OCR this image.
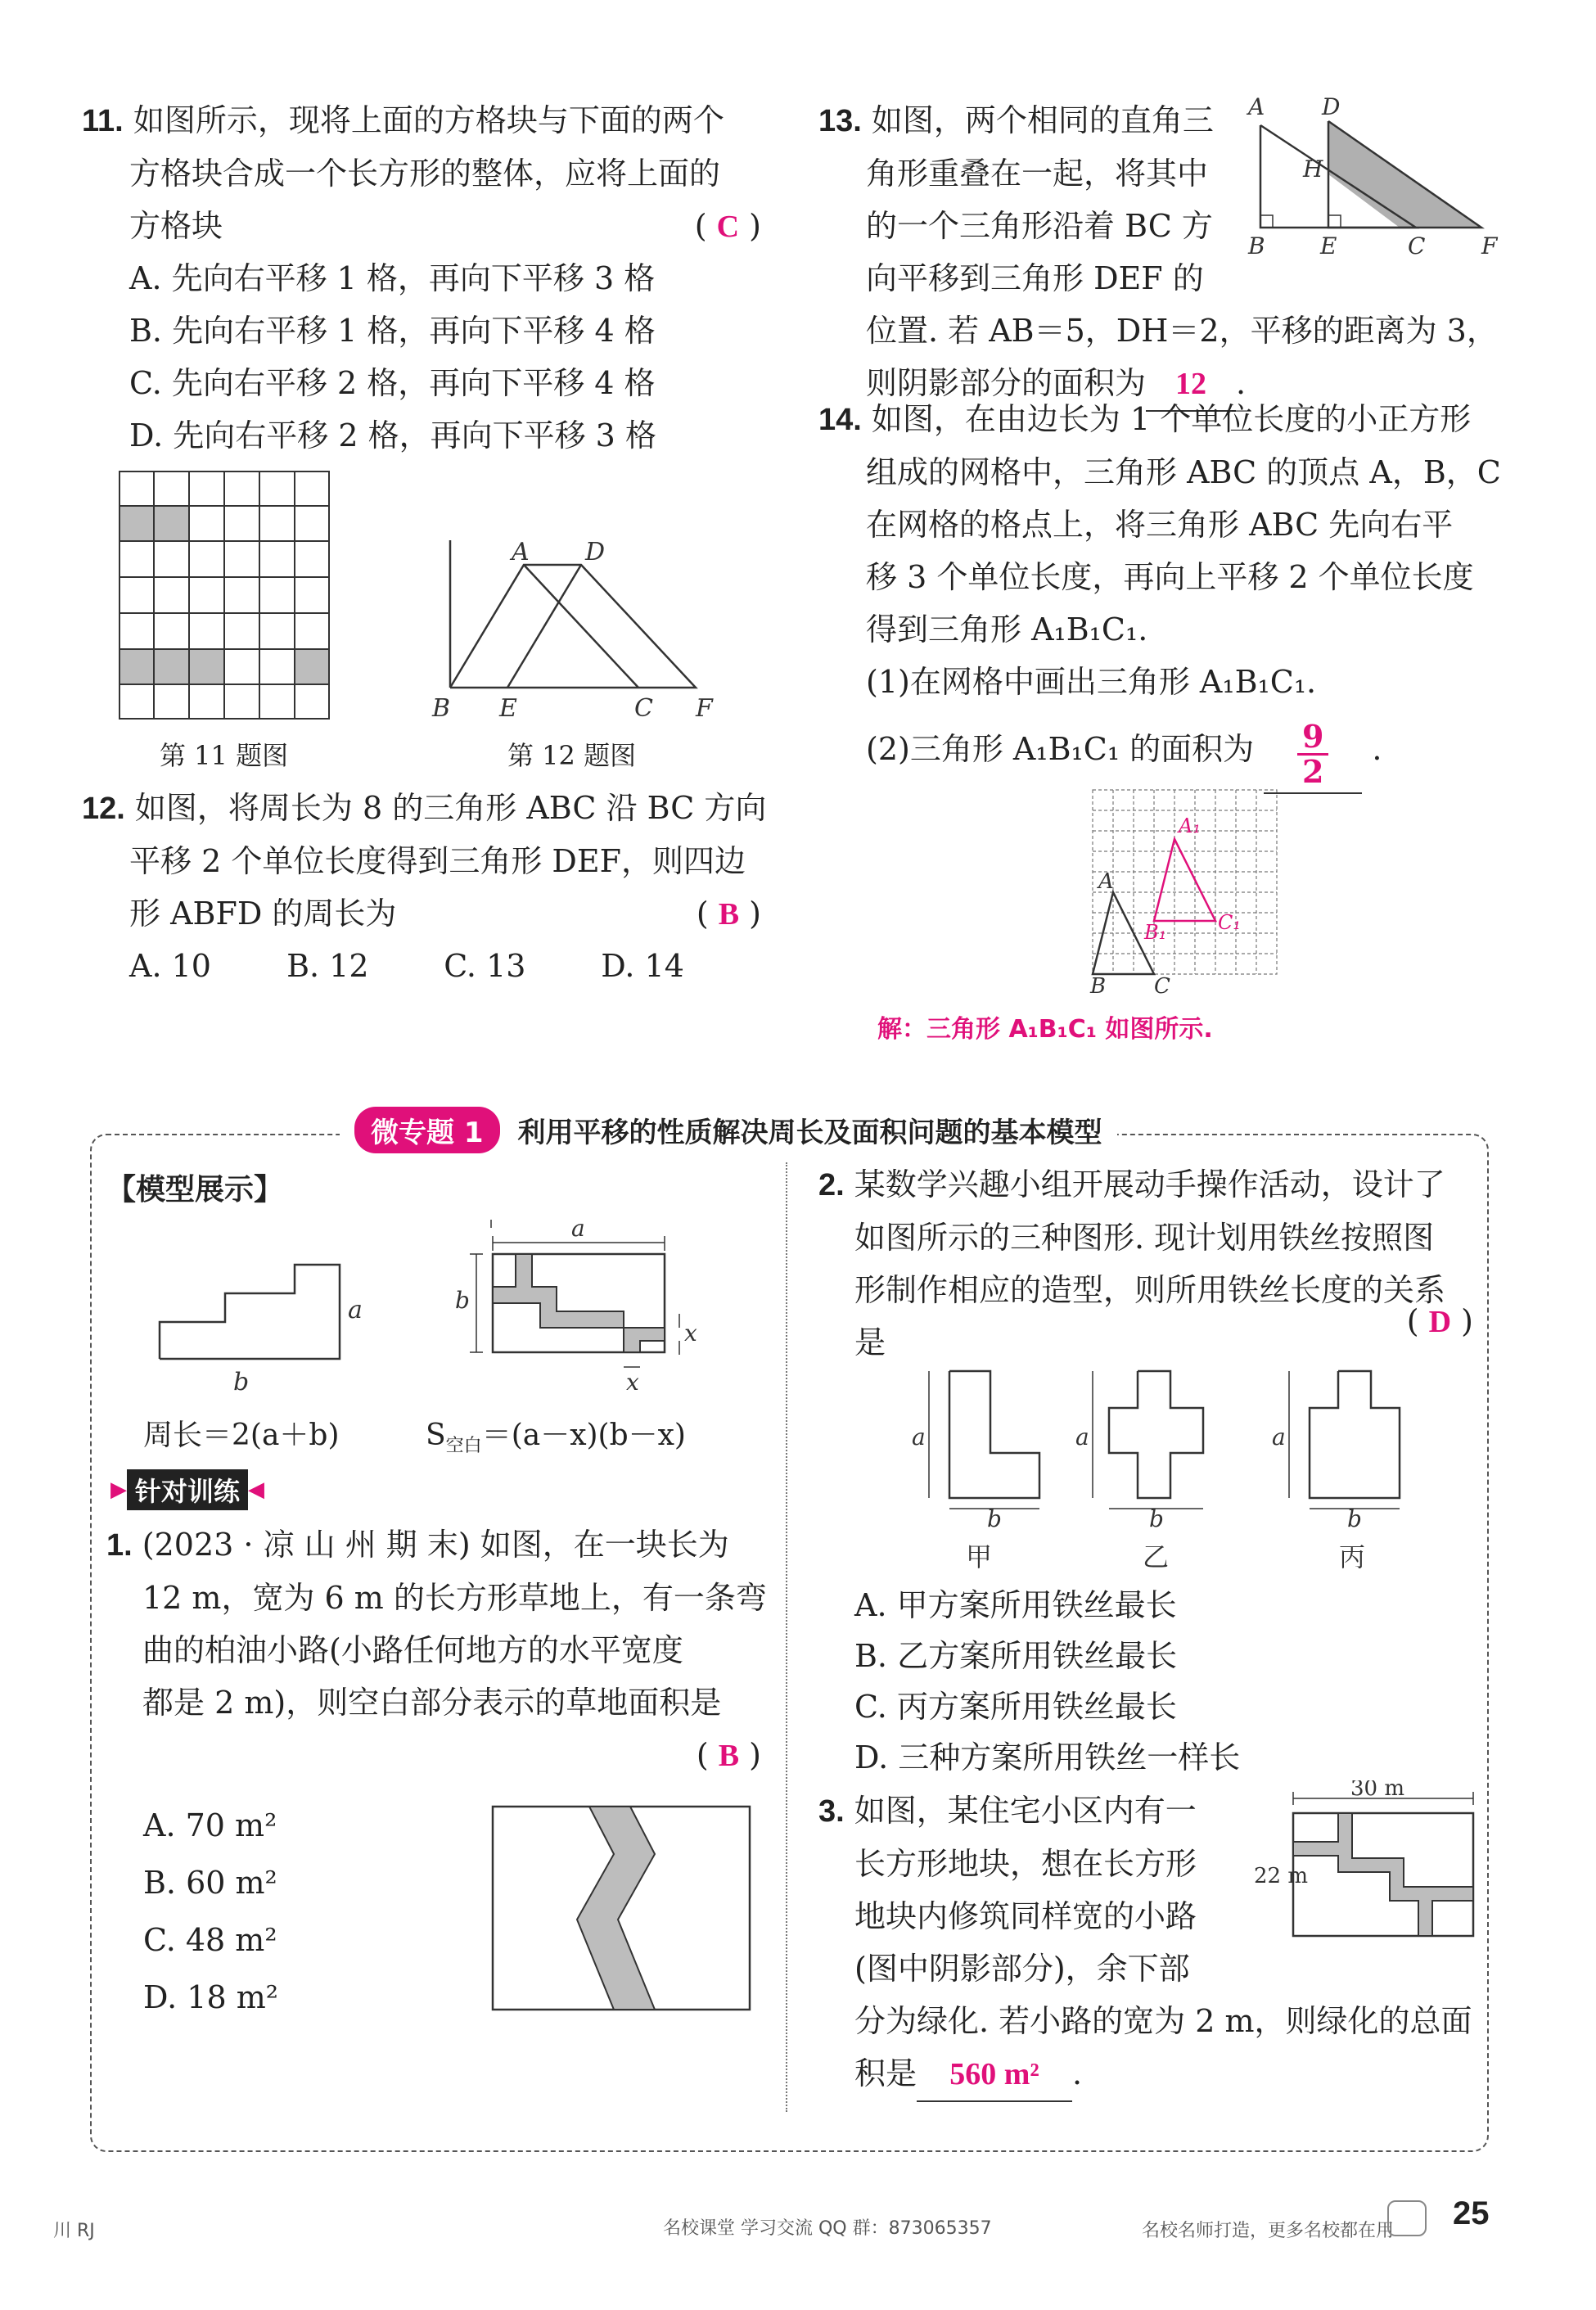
11. 如图所示，现将上面的方格块与下面的两个
方格块合成一个长方形的整体，应将上面的
方格块	( C )
A. 先向右平移 1 格，再向下平移 3 格
B. 先向右平移 1 格，再向下平移 4 格
C. 先向右平移 2 格，再向下平移 4 格
D. 先向右平移 2 格，再向下平移 3 格
第 11 题图
A D
B E	C F
第 12 题图
12. 如图，将周长为 8 的三角形 ABC 沿 BC 方向
平移 2 个单位长度得到三角形 DEF，则四边
形 ABFD 的周长为	( B )
A. 10 B. 12 C. 13 D. 14
13. 如图，两个相同的直角三
角形重叠在一起，将其中
的一个三角形沿着 BC 方
向平移到三角形 DEF 的
位置. 若 AB＝5，DH＝2，平移的距离为 3，
则阴影部分的面积为 12 .
A D
H
B E	C F
14. 如图，在由边长为 1 个单位长度的小正方形
组成的网格中，三角形 ABC 的顶点 A，B，C
在网格的格点上，将三角形 ABC 先向右平
移 3 个单位长度，再向上平移 2 个单位长度
得到三角形 A₁B₁C₁.
(1)在网格中画出三角形 A₁B₁C₁.
(2)三角形 A₁B₁C₁ 的面积为 $\frac{9}{2}$ .
A
B C
A₁
B₁	C₁
解：三角形 A₁B₁C₁ 如图所示.
微专题 1	利用平移的性质解决周长及面积问题的基本模型
【模型展示】
a
b
a
b
x
x
周长＝2(a＋b)	$S_{空白}=(a-x)(b-x)$
▶ 针对训练 ◀
1. (2023 · 凉 山 州 期 末) 如图，在一块长为
12 m，宽为 6 m 的长方形草地上，有一条弯
曲的柏油小路(小路任何地方的水平宽度
都是 2 m)，则空白部分表示的草地面积是
( B )
A. 70 m²
B. 60 m²
C. 48 m²
D. 18 m²
2. 某数学兴趣小组开展动手操作活动，设计了
如图所示的三种图形. 现计划用铁丝按照图
形制作相应的造型，则所用铁丝长度的关系
是
( D )
a	a	a
b	b	b
甲	乙	丙
A. 甲方案所用铁丝最长
B. 乙方案所用铁丝最长
C. 丙方案所用铁丝最长
D. 三种方案所用铁丝一样长
3. 如图，某住宅小区内有一
长方形地块，想在长方形
地块内修筑同样宽的小路
(图中阴影部分)，余下部
分为绿化. 若小路的宽为 2 m，则绿化的总面
积是 560 m² .
30 m
22 m
川 RJ	名校课堂 学习交流 QQ 群：873065357	名校名师打造，更多名校都在用 25
